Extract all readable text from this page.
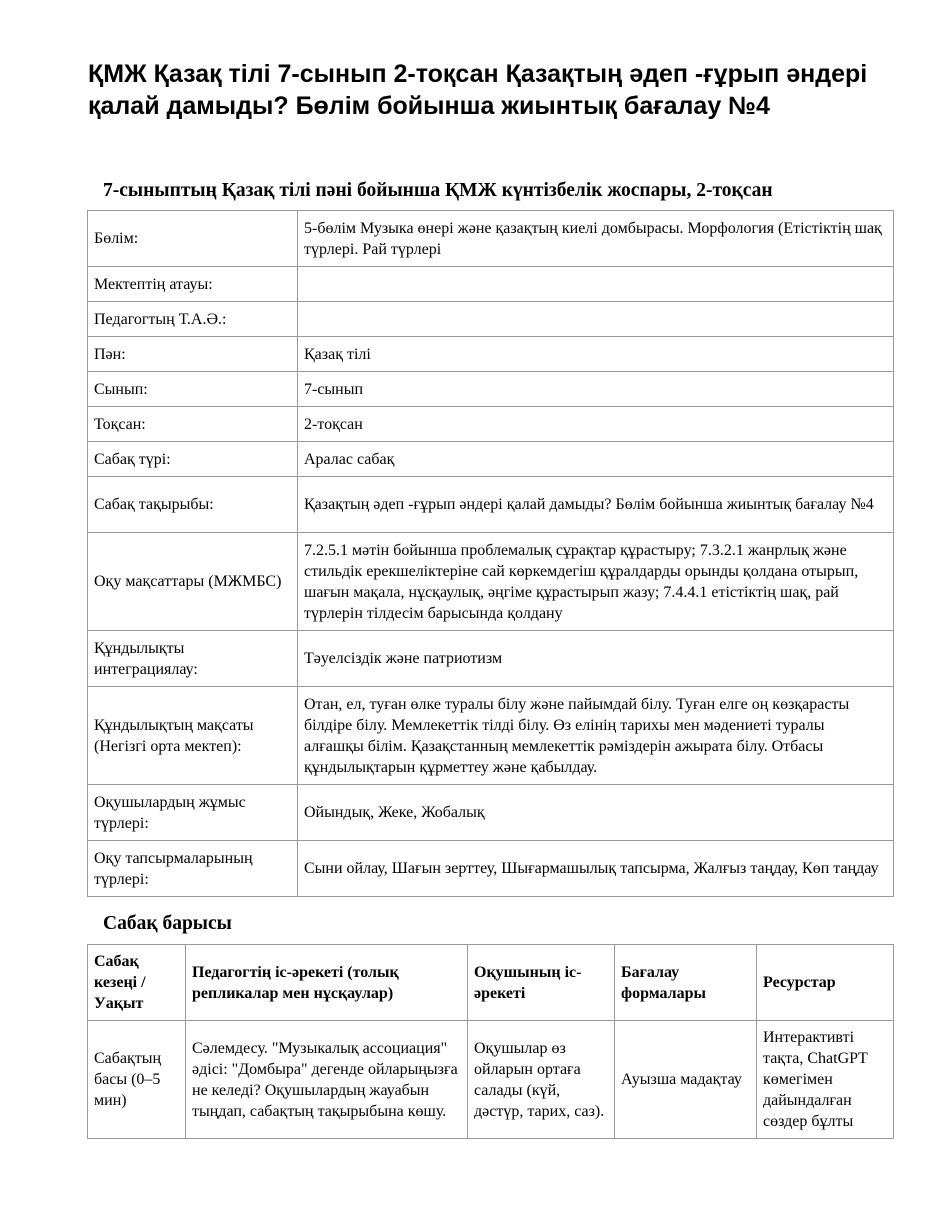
ҚМЖ Қазақ тілі 7-сынып 2-тоқсан Қазақтың әдеп -ғұрып әндері қалай дамыды? Бөлім бойынша жиынтық бағалау №4
7-сыныптың Қазақ тілі пәні бойынша ҚМЖ күнтізбелік жоспары, 2-тоқсан
Бөлім:	5-бөлім Музыка өнері және қазақтың киелі домбырасы. Морфология (Етістіктің шақ түрлері. Рай түрлері
Мектептің атауы:	
Педагогтың Т.А.Ә.:	
Пән:	Қазақ тілі
Сынып:	7-сынып
Тоқсан:	2-тоқсан
Сабақ түрі:	Аралас сабақ
Сабақ тақырыбы:	Қазақтың әдеп -ғұрып әндері қалай дамыды? Бөлім бойынша жиынтық бағалау №4
Оқу мақсаттары (МЖМБС)	7.2.5.1 мәтін бойынша проблемалық сұрақтар құрастыру; 7.3.2.1 жанрлық және стильдік ерекшеліктеріне сай көркемдегіш құралдарды орынды қолдана отырып, шағын мақала, нұсқаулық, әңгіме құрастырып жазу; 7.4.4.1 етістіктің шақ, рай түрлерін тілдесім барысында қолдану
Құндылықты интеграциялау:	Тәуелсіздік және патриотизм
Құндылықтың мақсаты (Негізгі орта мектеп):	Отан, ел, туған өлке туралы білу және пайымдай білу. Туған елге оң көзқарасты білдіре білу. Мемлекеттік тілді білу. Өз елінің тарихы мен мәдениеті туралы алғашқы білім. Қазақстанның мемлекеттік рәміздерін ажырата білу. Отбасы құндылықтарын құрметтеу және қабылдау.
Оқушылардың жұмыс түрлері:	Ойындық, Жеке, Жобалық
Оқу тапсырмаларының түрлері:	Сыни ойлау, Шағын зерттеу, Шығармашылық тапсырма, Жалғыз таңдау, Көп таңдау
Сабақ барысы
Сабақ кезеңі / Уақыт	Педагогтің іс-әрекеті (толық репликалар мен нұсқаулар)	Оқушының іс-әрекеті	Бағалау формалары	Ресурстар
Сабақтың басы (0–5 мин)	Сәлемдесу. "Музыкалық ассоциация" әдісі: "Домбыра" дегенде ойларыңызға не келеді? Оқушылардың жауабын тыңдап, сабақтың тақырыбына көшу.	Оқушылар өз ойларын ортаға салады (күй, дәстүр, тарих, саз).	Ауызша мадақтау	Интерактивті тақта, ChatGPT көмегімен дайындалған сөздер бұлты
